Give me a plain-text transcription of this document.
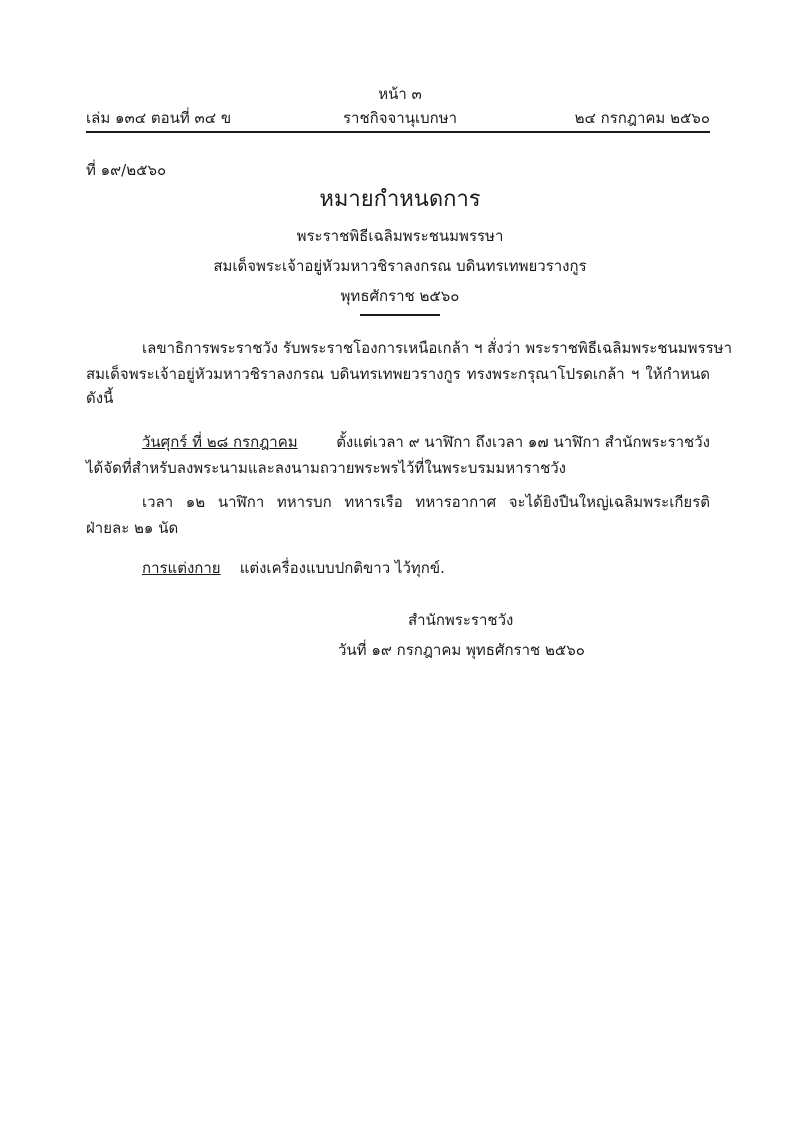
หน้า ๓
เล่ม ๑๓๔ ตอนที่ ๓๔ ข	ราชกิจจานุเบกษา	๒๔ กรกฎาคม ๒๕๖๐
ที่ ๑๙/๒๕๖๐
หมายกำหนดการ
พระราชพิธีเฉลิมพระชนมพรรษา
สมเด็จพระเจ้าอยู่หัวมหาวชิราลงกรณ บดินทรเทพยวรางกูร
พุทธศักราช ๒๕๖๐
เลขาธิการพระราชวัง รับพระราชโองการเหนือเกล้า ฯ สั่งว่า พระราชพิธีเฉลิมพระชนมพรรษา
สมเด็จพระเจ้าอยู่หัวมหาวชิราลงกรณ บดินทรเทพยวรางกูร ทรงพระกรุณาโปรดเกล้า ฯ ให้กำหนด
ดังนี้
วันศุกร์ ที่ ๒๘ กรกฎาคม	ตั้งแต่เวลา ๙ นาฬิกา ถึงเวลา ๑๗ นาฬิกา สำนักพระราชวัง
ได้จัดที่สำหรับลงพระนามและลงนามถวายพระพรไว้ที่ในพระบรมมหาราชวัง
เวลา ๑๒ นาฬิกา ทหารบก ทหารเรือ ทหารอากาศ จะได้ยิงปืนใหญ่เฉลิมพระเกียรติ
ฝ่ายละ ๒๑ นัด
การแต่งกาย แต่งเครื่องแบบปกติขาว ไว้ทุกข์.
สำนักพระราชวัง
วันที่ ๑๙ กรกฎาคม พุทธศักราช ๒๕๖๐
